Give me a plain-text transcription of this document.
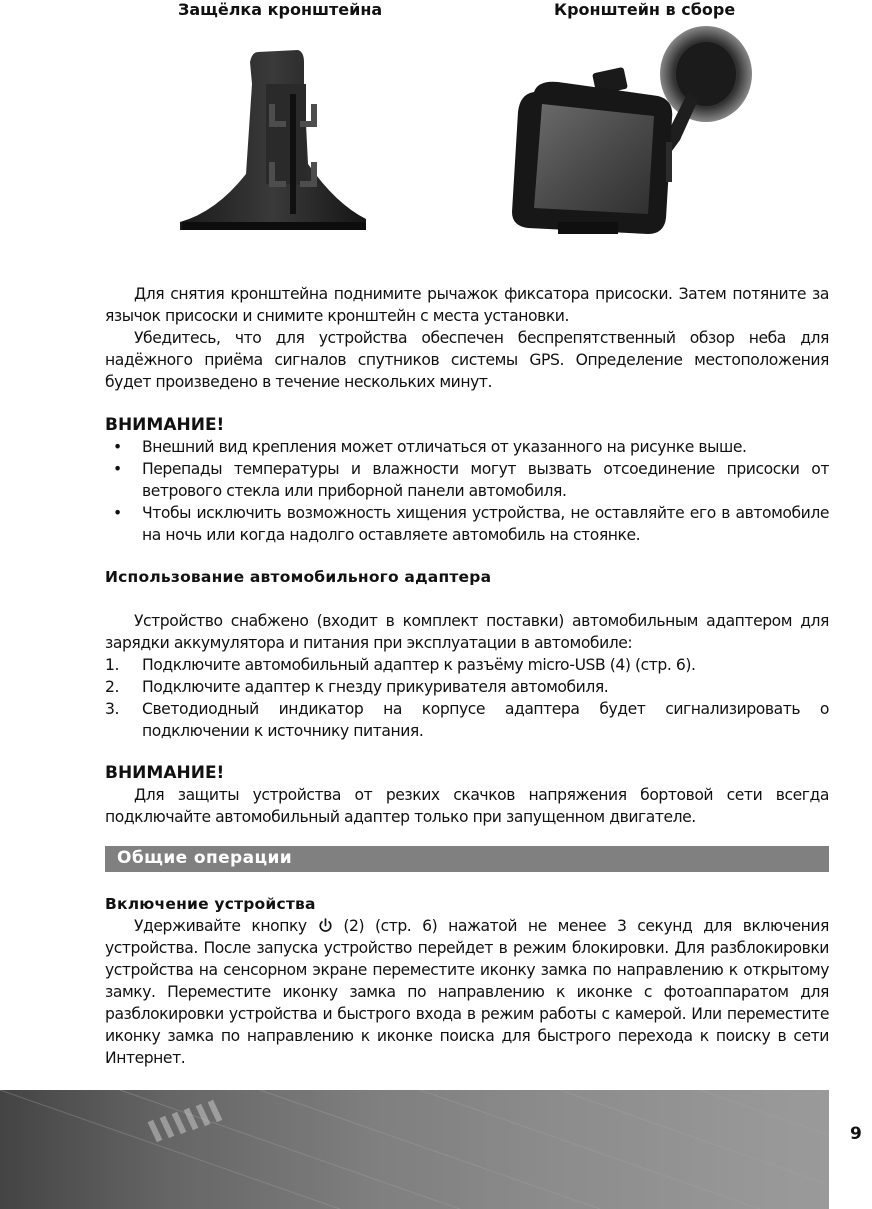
Защёлка кронштейна	Кронштейн в сборе

Для снятия кронштейна поднимите рычажок фиксатора присоски. Затем потяните за язычок присоски и снимите кронштейн с места установки.

Убедитесь, что для устройства обеспечен беспрепятственный обзор неба для надёжного приёма сигналов спутников системы GPS. Определение местоположения будет произведено в течение нескольких минут.

ВНИМАНИЕ!

• Внешний вид крепления может отличаться от указанного на рисунке выше.
• Перепады температуры и влажности могут вызвать отсоединение присоски от ветрового стекла или приборной панели автомобиля.
• Чтобы исключить возможность хищения устройства, не оставляйте его в автомобиле на ночь или когда надолго оставляете автомобиль на стоянке.

Использование автомобильного адаптера

Устройство снабжено (входит в комплект поставки) автомобильным адаптером для зарядки аккумулятора и питания при эксплуатации в автомобиле:

1. Подключите автомобильный адаптер к разъёму micro-USB (4) (стр. 6).
2. Подключите адаптер к гнезду прикуривателя автомобиля.
3. Светодиодный индикатор на корпусе адаптера будет сигнализировать о подключении к источнику питания.

ВНИМАНИЕ!

Для защиты устройства от резких скачков напряжения бортовой сети всегда подключайте автомобильный адаптер только при запущенном двигателе.

Общие операции

Включение устройства

Удерживайте кнопку  (2) (стр. 6) нажатой не менее 3 секунд для включения устройства. После запуска устройство перейдет в режим блокировки. Для разблокировки устройства на сенсорном экране переместите иконку замка по направлению к открытому замку. Переместите иконку замка по направлению к иконке с фотоаппаратом для разблокировки устройства и быстрого входа в режим работы с камерой. Или переместите иконку замка по направлению к иконке поиска для быстрого перехода к поиску в сети Интернет.

9
